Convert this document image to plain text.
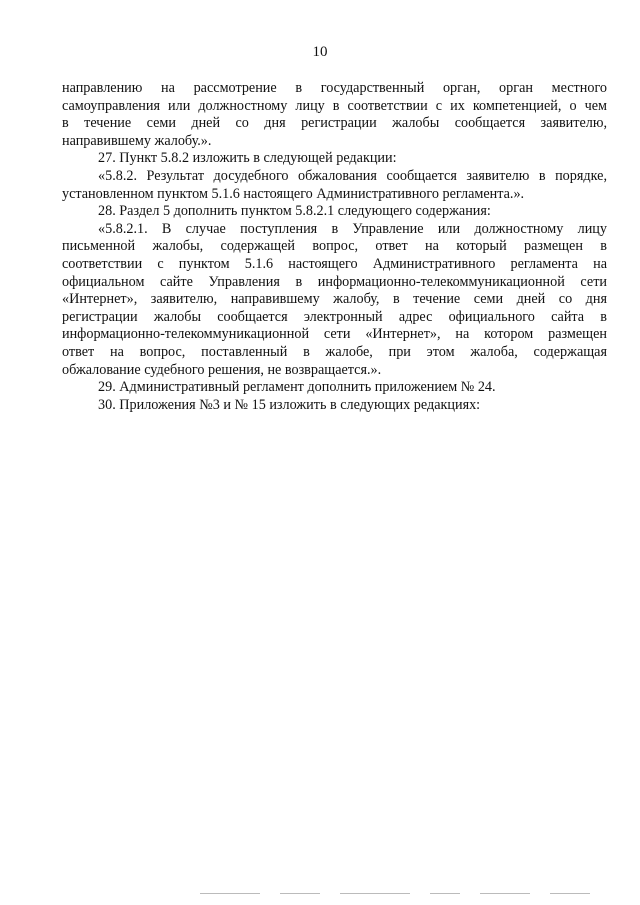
10
направлению на рассмотрение в государственный орган, орган местного
самоуправления или должностному лицу в соответствии с их компетенцией, о чем
в течение семи дней со дня регистрации жалобы сообщается заявителю,
направившему жалобу.».
27. Пункт 5.8.2 изложить в следующей редакции:
«5.8.2. Результат досудебного обжалования сообщается заявителю в порядке,
установленном пунктом 5.1.6 настоящего Административного регламента.».
28. Раздел 5 дополнить пунктом 5.8.2.1 следующего содержания:
«5.8.2.1. В случае поступления в Управление или должностному лицу
письменной жалобы, содержащей вопрос, ответ на который размещен в
соответствии с пунктом 5.1.6 настоящего Административного регламента на
официальном сайте Управления в информационно-телекоммуникационной сети
«Интернет», заявителю, направившему жалобу, в течение семи дней со дня
регистрации жалобы сообщается электронный адрес официального сайта в
информационно-телекоммуникационной сети «Интернет», на котором размещен
ответ на вопрос, поставленный в жалобе, при этом жалоба, содержащая
обжалование судебного решения, не возвращается.».
29. Административный регламент дополнить приложением № 24.
30. Приложения №3 и № 15 изложить в следующих редакциях:
